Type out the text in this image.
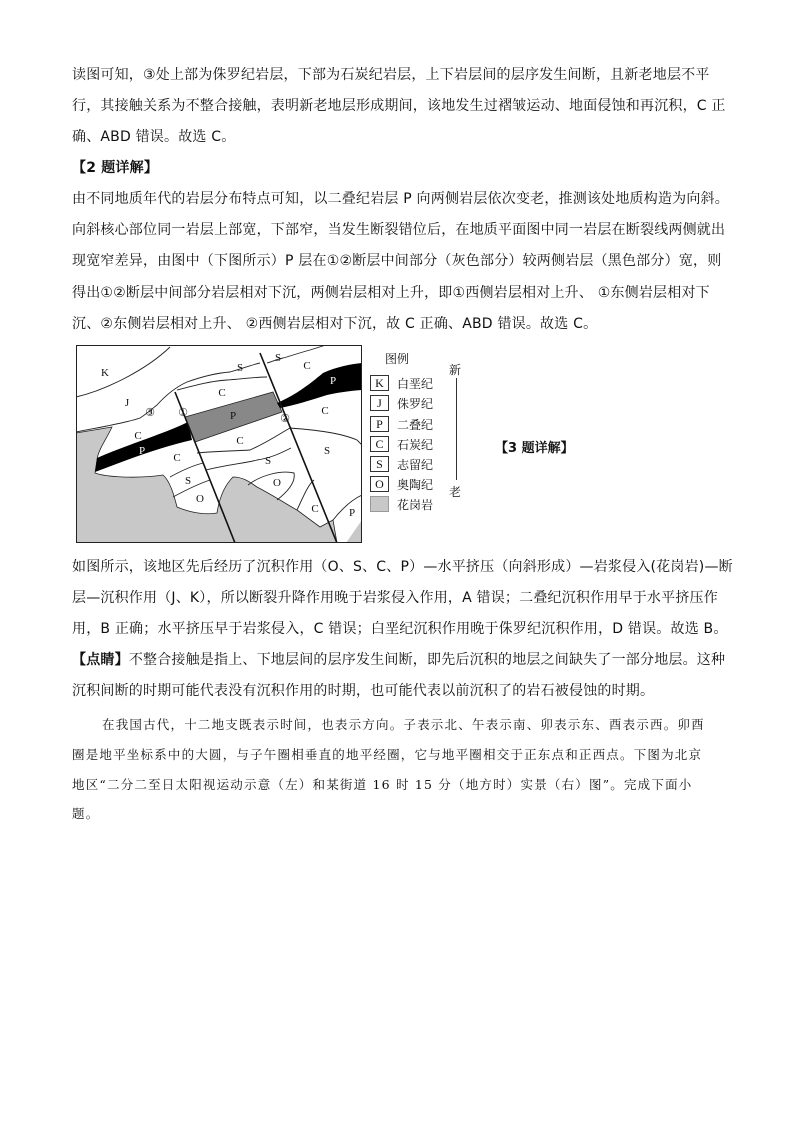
读图可知，③处上部为侏罗纪岩层，下部为石炭纪岩层，上下岩层间的层序发生间断，且新老地层不平
行，其接触关系为不整合接触，表明新老地层形成期间，该地发生过褶皱运动、地面侵蚀和再沉积，C 正
确、ABD 错误。故选 C。
【2 题详解】
由不同地质年代的岩层分布特点可知，以二叠纪岩层 P 向两侧岩层依次变老，推测该处地质构造为向斜。
向斜核心部位同一岩层上部宽，下部窄，当发生断裂错位后，在地质平面图中同一岩层在断裂线两侧就出
现宽窄差异，由图中（下图所示）P 层在①②断层中间部分（灰色部分）较两侧岩层（黑色部分）宽，则
得出①②断层中间部分岩层相对下沉，两侧岩层相对上升，即①西侧岩层相对上升、 ①东侧岩层相对下
沉、②东侧岩层相对上升、 ②西侧岩层相对下沉，故 C 正确、ABD 错误。故选 C。
K	S
S
C
P
C
J
③ ①	P	②
C
C
P
C
C
S
S
S	O
O
C	P
图例
K	白垩纪
J	侏罗纪
P	二叠纪
C	石炭纪
S	志留纪
O	奥陶纪
花岗岩
新
老
【3 题详解】
如图所示，该地区先后经历了沉积作用（O、S、C、P）—水平挤压（向斜形成）—岩浆侵入(花岗岩)—断
层—沉积作用（J、K），所以断裂升降作用晚于岩浆侵入作用，A 错误；二叠纪沉积作用早于水平挤压作
用，B 正确；水平挤压早于岩浆侵入，C 错误；白垩纪沉积作用晚于侏罗纪沉积作用，D 错误。故选 B。
【点睛】不整合接触是指上、下地层间的层序发生间断，即先后沉积的地层之间缺失了一部分地层。这种
沉积间断的时期可能代表没有沉积作用的时期，也可能代表以前沉积了的岩石被侵蚀的时期。
在我国古代，十二地支既表示时间，也表示方向。子表示北、午表示南、卯表示东、酉表示西。卯酉
圈是地平坐标系中的大圆，与子午圈相垂直的地平经圈，它与地平圈相交于正东点和正西点。下图为北京
地区“二分二至日太阳视运动示意（左）和某街道 16 时 15 分（地方时）实景（右）图”。完成下面小
题。
